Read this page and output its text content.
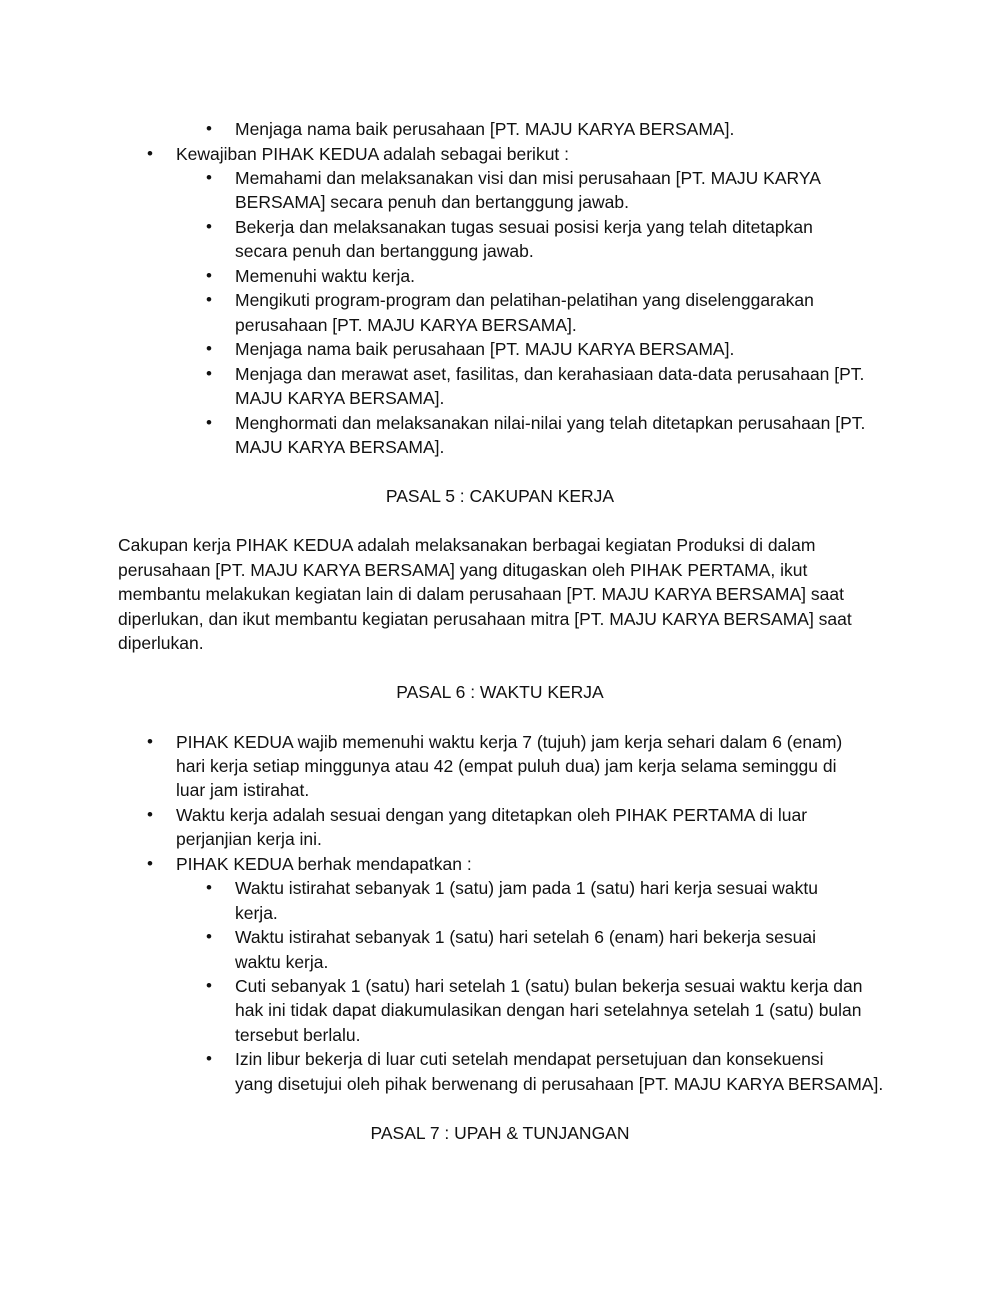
• Menjaga nama baik perusahaan [PT. MAJU KARYA BERSAMA].
• Kewajiban PIHAK KEDUA adalah sebagai berikut :
• Memahami dan melaksanakan visi dan misi perusahaan [PT. MAJU KARYA
BERSAMA] secara penuh dan bertanggung jawab.
• Bekerja dan melaksanakan tugas sesuai posisi kerja yang telah ditetapkan
secara penuh dan bertanggung jawab.
• Memenuhi waktu kerja.
• Mengikuti program-program dan pelatihan-pelatihan yang diselenggarakan
perusahaan [PT. MAJU KARYA BERSAMA].
• Menjaga nama baik perusahaan [PT. MAJU KARYA BERSAMA].
• Menjaga dan merawat aset, fasilitas, dan kerahasiaan data-data perusahaan [PT.
MAJU KARYA BERSAMA].
• Menghormati dan melaksanakan nilai-nilai yang telah ditetapkan perusahaan [PT.
MAJU KARYA BERSAMA].
PASAL 5 : CAKUPAN KERJA
Cakupan kerja PIHAK KEDUA adalah melaksanakan berbagai kegiatan Produksi di dalam
perusahaan [PT. MAJU KARYA BERSAMA] yang ditugaskan oleh PIHAK PERTAMA, ikut
membantu melakukan kegiatan lain di dalam perusahaan [PT. MAJU KARYA BERSAMA] saat
diperlukan, dan ikut membantu kegiatan perusahaan mitra [PT. MAJU KARYA BERSAMA] saat
diperlukan.
PASAL 6 : WAKTU KERJA
• PIHAK KEDUA wajib memenuhi waktu kerja 7 (tujuh) jam kerja sehari dalam 6 (enam)
hari kerja setiap minggunya atau 42 (empat puluh dua) jam kerja selama seminggu di
luar jam istirahat.
• Waktu kerja adalah sesuai dengan yang ditetapkan oleh PIHAK PERTAMA di luar
perjanjian kerja ini.
• PIHAK KEDUA berhak mendapatkan :
• Waktu istirahat sebanyak 1 (satu) jam pada 1 (satu) hari kerja sesuai waktu
kerja.
• Waktu istirahat sebanyak 1 (satu) hari setelah 6 (enam) hari bekerja sesuai
waktu kerja.
• Cuti sebanyak 1 (satu) hari setelah 1 (satu) bulan bekerja sesuai waktu kerja dan
hak ini tidak dapat diakumulasikan dengan hari setelahnya setelah 1 (satu) bulan
tersebut berlalu.
• Izin libur bekerja di luar cuti setelah mendapat persetujuan dan konsekuensi
yang disetujui oleh pihak berwenang di perusahaan [PT. MAJU KARYA BERSAMA].
PASAL 7 : UPAH & TUNJANGAN
